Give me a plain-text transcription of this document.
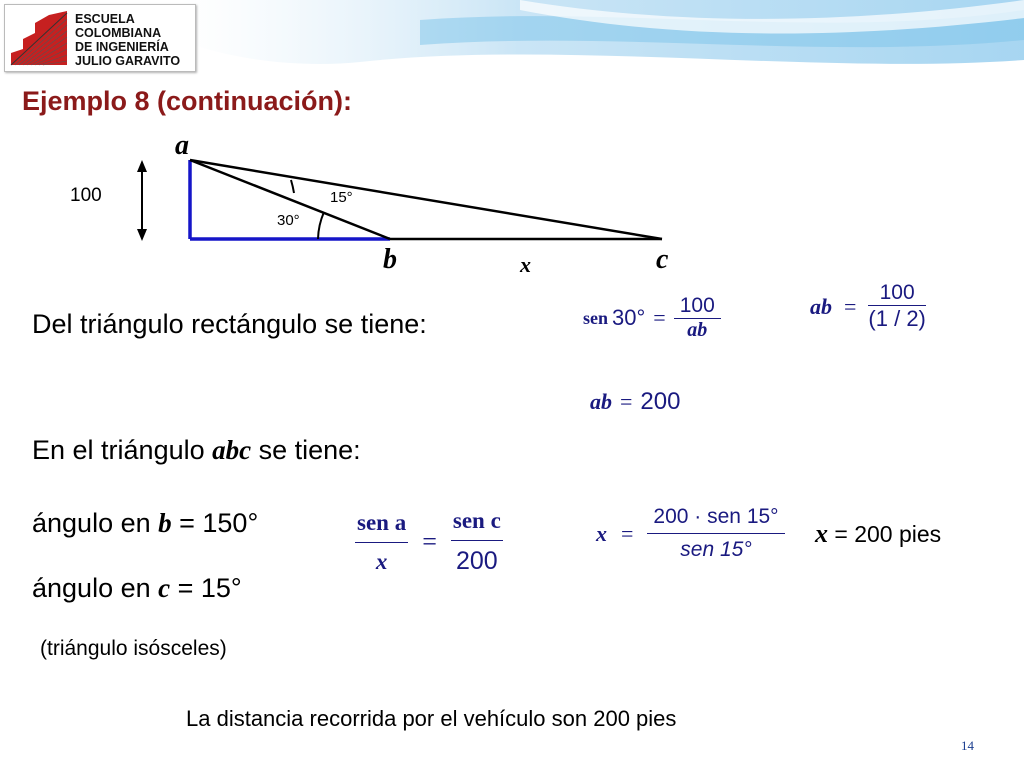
ESCUELA
COLOMBIANA
DE INGENIERÍA
JULIO GARAVITO
Ejemplo 8 (continuación):
100
a
b	c
x
15°
30°
Del triángulo rectángulo se tiene:	sen $30^\circ = \frac{100}{ab}$	ab = $\frac{100}{(1 / 2)}$
ab = 200
En el triángulo abc se tiene:
ángulo en b = 150°	$\frac{\text{sen a}}{x} = \frac{\text{sen c}}{200}$	$x = \frac{\text{200 · sen 15°}}{\text{sen 15°}}$ x = 200 pies
ángulo en c = 15°
(triángulo isósceles)
La distancia recorrida por el vehículo son 200 pies
14
